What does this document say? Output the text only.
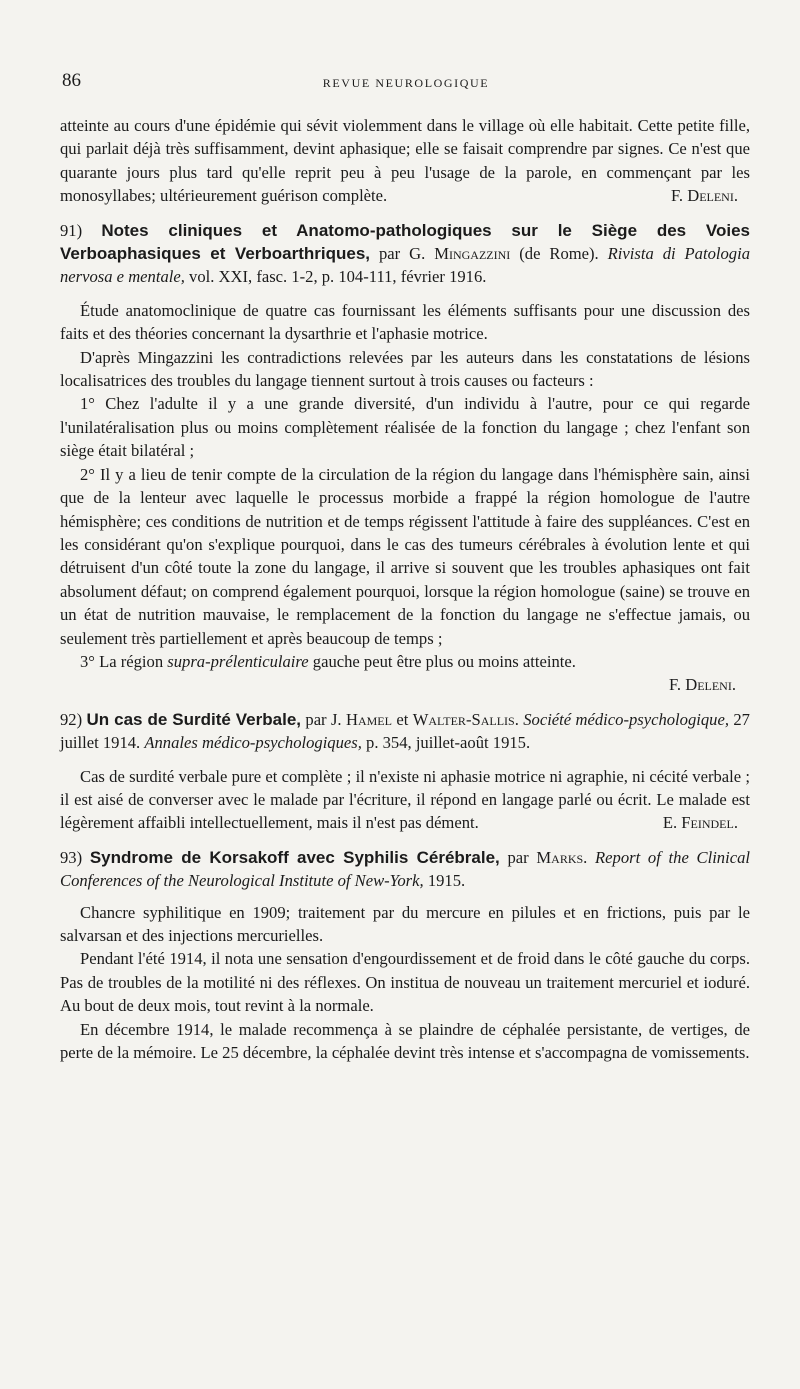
86	REVUE NEUROLOGIQUE

atteinte au cours d'une épidémie qui sévit violemment dans le village où elle habitait. Cette petite fille, qui parlait déjà très suffisamment, devint aphasique; elle se faisait comprendre par signes. Ce n'est que quarante jours plus tard qu'elle reprit peu à peu l'usage de la parole, en commençant par les monosyllabes; ultérieurement guérison complète.	F. Deleni.

91) Notes cliniques et Anatomo-pathologiques sur le Siège des Voies Verboaphasiques et Verboarthriques, par G. Mingazzini (de Rome). Rivista di Patologia nervosa e mentale, vol. XXI, fasc. 1-2, p. 104-111, février 1916.

Étude anatomoclinique de quatre cas fournissant les éléments suffisants pour une discussion des faits et des théories concernant la dysarthrie et l'aphasie motrice.

D'après Mingazzini les contradictions relevées par les auteurs dans les constatations de lésions localisatrices des troubles du langage tiennent surtout à trois causes ou facteurs :

1° Chez l'adulte il y a une grande diversité, d'un individu à l'autre, pour ce qui regarde l'unilatéralisation plus ou moins complètement réalisée de la fonction du langage ; chez l'enfant son siège était bilatéral ;

2° Il y a lieu de tenir compte de la circulation de la région du langage dans l'hémisphère sain, ainsi que de la lenteur avec laquelle le processus morbide a frappé la région homologue de l'autre hémisphère; ces conditions de nutrition et de temps régissent l'attitude à faire des suppléances. C'est en les considérant qu'on s'explique pourquoi, dans le cas des tumeurs cérébrales à évolution lente et qui détruisent d'un côté toute la zone du langage, il arrive si souvent que les troubles aphasiques ont fait absolument défaut; on comprend également pourquoi, lorsque la région homologue (saine) se trouve en un état de nutrition mauvaise, le remplacement de la fonction du langage ne s'effectue jamais, ou seulement très partiellement et après beaucoup de temps ;

3° La région supra-prélenticulaire gauche peut être plus ou moins atteinte.

F. Deleni.

92) Un cas de Surdité Verbale, par J. Hamel et Walter-Sallis. Société médico-psychologique, 27 juillet 1914. Annales médico-psychologiques, p. 354, juillet-août 1915.

Cas de surdité verbale pure et complète ; il n'existe ni aphasie motrice ni agraphie, ni cécité verbale ; il est aisé de converser avec le malade par l'écriture, il répond en langage parlé ou écrit. Le malade est légèrement affaibli intellectuellement, mais il n'est pas dément.	E. Feindel.

93) Syndrome de Korsakoff avec Syphilis Cérébrale, par Marks. Report of the Clinical Conferences of the Neurological Institute of New-York, 1915.

Chancre syphilitique en 1909; traitement par du mercure en pilules et en frictions, puis par le salvarsan et des injections mercurielles.

Pendant l'été 1914, il nota une sensation d'engourdissement et de froid dans le côté gauche du corps. Pas de troubles de la motilité ni des réflexes. On institua de nouveau un traitement mercuriel et ioduré. Au bout de deux mois, tout revint à la normale.

En décembre 1914, le malade recommença à se plaindre de céphalée persistante, de vertiges, de perte de la mémoire. Le 25 décembre, la céphalée devint très intense et s'accompagna de vomissements.
